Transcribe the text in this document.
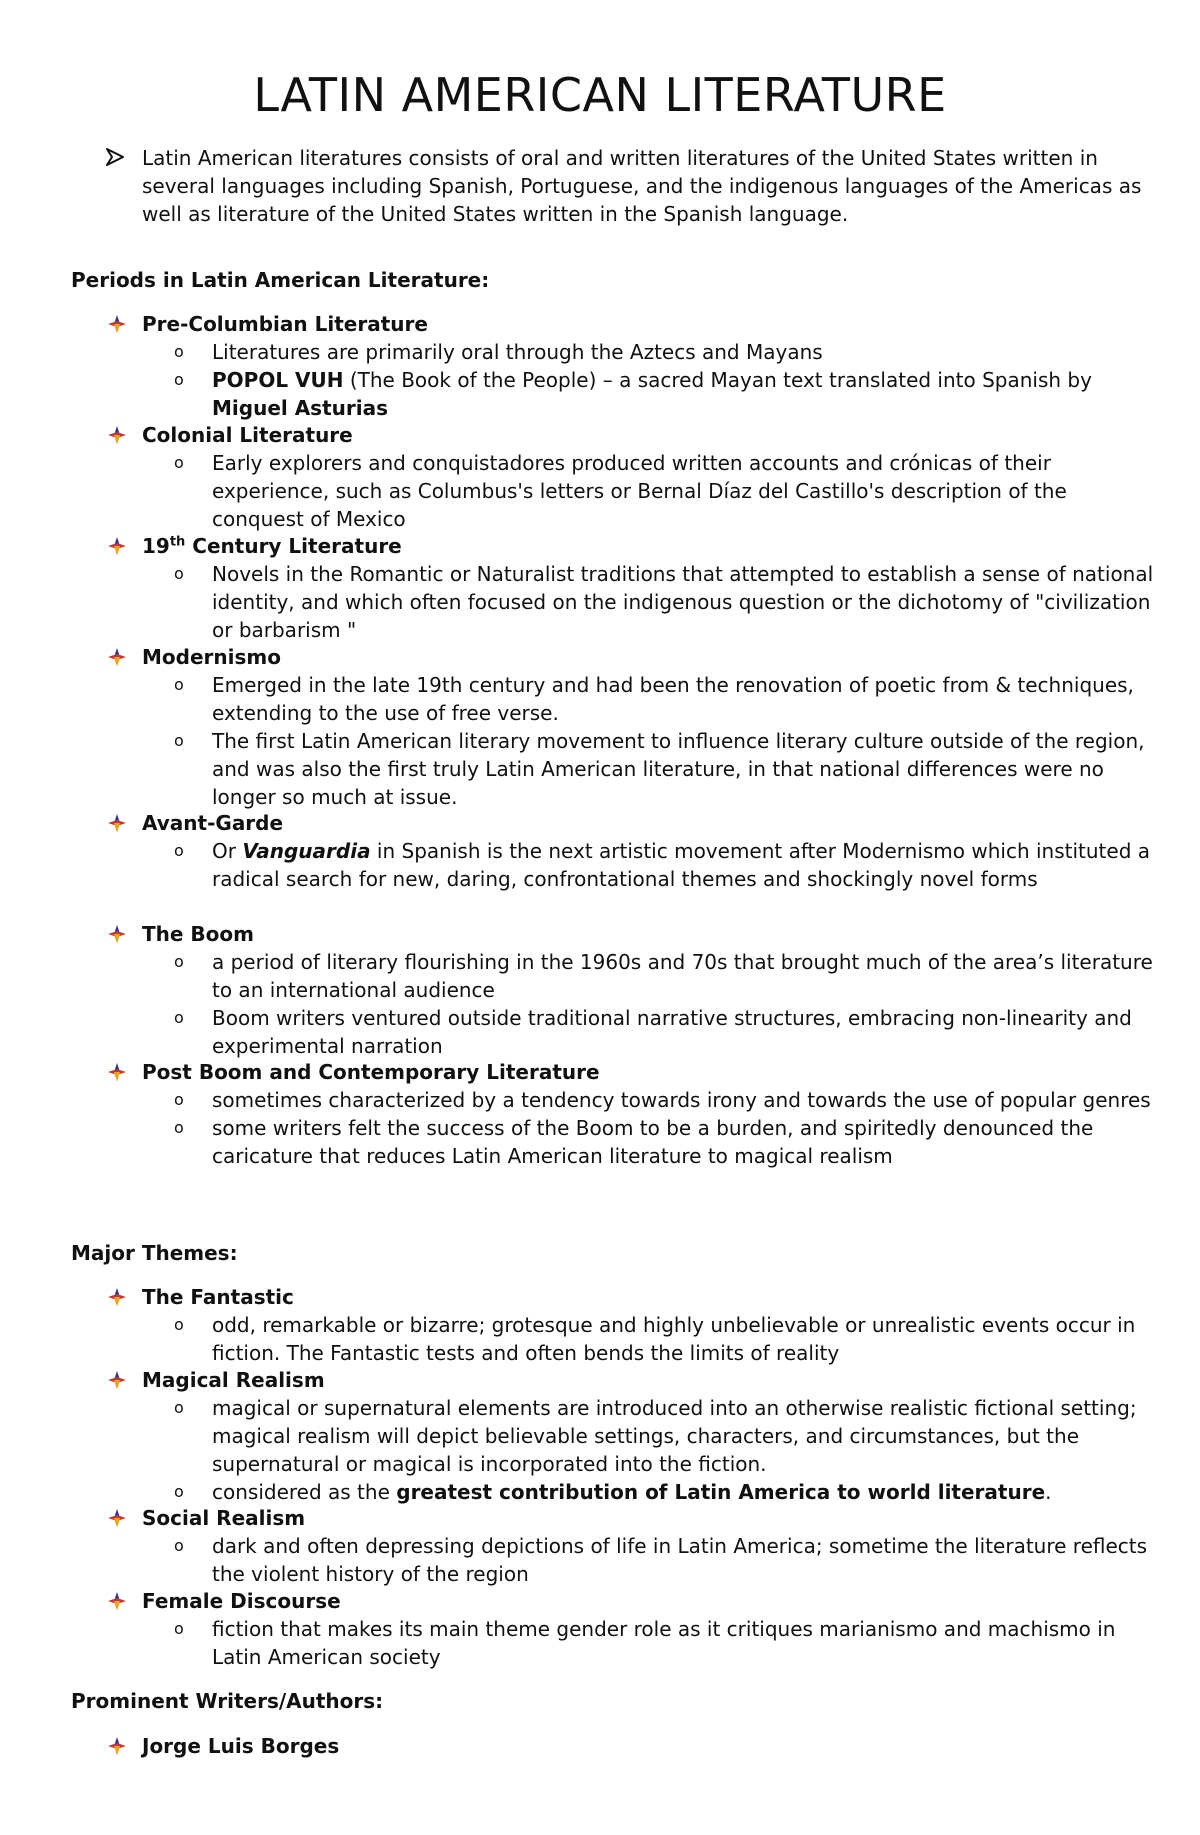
LATIN AMERICAN LITERATURE
Latin American literatures consists of oral and written literatures of the United States written in several languages including Spanish, Portuguese, and the indigenous languages of the Americas as well as literature of the United States written in the Spanish language.
Periods in Latin American Literature:
Pre-Columbian Literature
o Literatures are primarily oral through the Aztecs and Mayans
o POPOL VUH (The Book of the People) – a sacred Mayan text translated into Spanish by Miguel Asturias
Colonial Literature
o Early explorers and conquistadores produced written accounts and crónicas of their experience, such as Columbus's letters or Bernal Díaz del Castillo's description of the conquest of Mexico
19th Century Literature
o Novels in the Romantic or Naturalist traditions that attempted to establish a sense of national identity, and which often focused on the indigenous question or the dichotomy of "civilization or barbarism "
Modernismo
o Emerged in the late 19th century and had been the renovation of poetic from & techniques, extending to the use of free verse.
o The first Latin American literary movement to influence literary culture outside of the region, and was also the first truly Latin American literature, in that national differences were no longer so much at issue.
Avant-Garde
o Or Vanguardia in Spanish is the next artistic movement after Modernismo which instituted a radical search for new, daring, confrontational themes and shockingly novel forms
The Boom
o a period of literary flourishing in the 1960s and 70s that brought much of the area’s literature to an international audience
o Boom writers ventured outside traditional narrative structures, embracing non-linearity and experimental narration
Post Boom and Contemporary Literature
o sometimes characterized by a tendency towards irony and towards the use of popular genres
o some writers felt the success of the Boom to be a burden, and spiritedly denounced the caricature that reduces Latin American literature to magical realism
Major Themes:
The Fantastic
o odd, remarkable or bizarre; grotesque and highly unbelievable or unrealistic events occur in fiction. The Fantastic tests and often bends the limits of reality
Magical Realism
o magical or supernatural elements are introduced into an otherwise realistic fictional setting; magical realism will depict believable settings, characters, and circumstances, but the supernatural or magical is incorporated into the fiction.
o considered as the greatest contribution of Latin America to world literature.
Social Realism
o dark and often depressing depictions of life in Latin America; sometime the literature reflects the violent history of the region
Female Discourse
o fiction that makes its main theme gender role as it critiques marianismo and machismo in Latin American society
Prominent Writers/Authors:
Jorge Luis Borges
